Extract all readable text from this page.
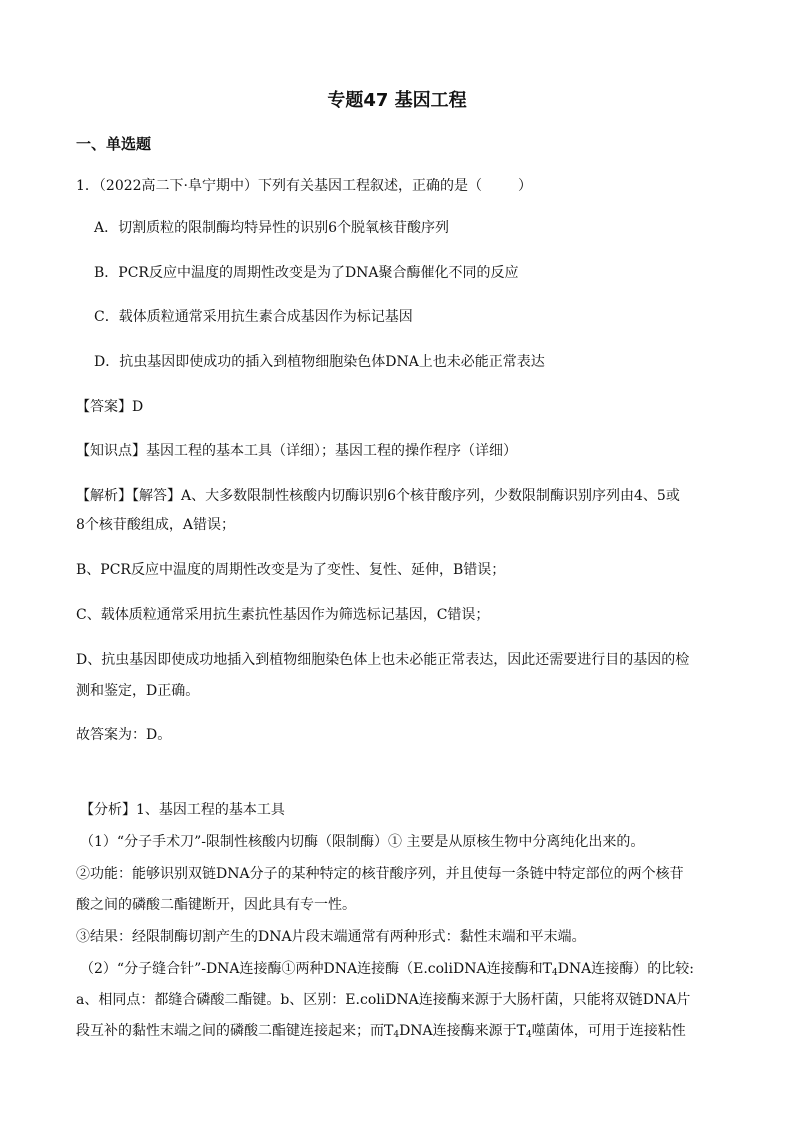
专题47 基因工程
一、单选题
1．（2022高二下·阜宁期中）下列有关基因工程叙述，正确的是（	）
A．切割质粒的限制酶均特异性的识别6个脱氧核苷酸序列
B．PCR反应中温度的周期性改变是为了DNA聚合酶催化不同的反应
C．载体质粒通常采用抗生素合成基因作为标记基因
D．抗虫基因即使成功的插入到植物细胞染色体DNA上也未必能正常表达
【答案】D
【知识点】基因工程的基本工具（详细）；基因工程的操作程序（详细）
【解析】【解答】A、大多数限制性核酸内切酶识别6个核苷酸序列，少数限制酶识别序列由4、5或
8个核苷酸组成，A错误；
B、PCR反应中温度的周期性改变是为了变性、复性、延伸，B错误；
C、载体质粒通常采用抗生素抗性基因作为筛选标记基因，C错误；
D、抗虫基因即使成功地插入到植物细胞染色体上也未必能正常表达，因此还需要进行目的基因的检
测和鉴定，D正确。
故答案为：D。
【分析】1、基因工程的基本工具
（1）“分子手术刀”-限制性核酸内切酶（限制酶）① 主要是从原核生物中分离纯化出来的。
②功能：能够识别双链DNA分子的某种特定的核苷酸序列，并且使每一条链中特定部位的两个核苷
酸之间的磷酸二酯键断开，因此具有专一性。
③结果：经限制酶切割产生的DNA片段末端通常有两种形式：黏性末端和平末端。
（2）“分子缝合针”-DNA连接酶①两种DNA连接酶（E.coliDNA连接酶和$T_4DNA$连接酶）的比较:
a、相同点：都缝合磷酸二酯键。b、区别：E.coliDNA连接酶来源于大肠杆菌，只能将双链DNA片
段互补的黏性末端之间的磷酸二酯键连接起来；而$T_4DNA$连接酶来源于$T_4$噬菌体，可用于连接粘性
